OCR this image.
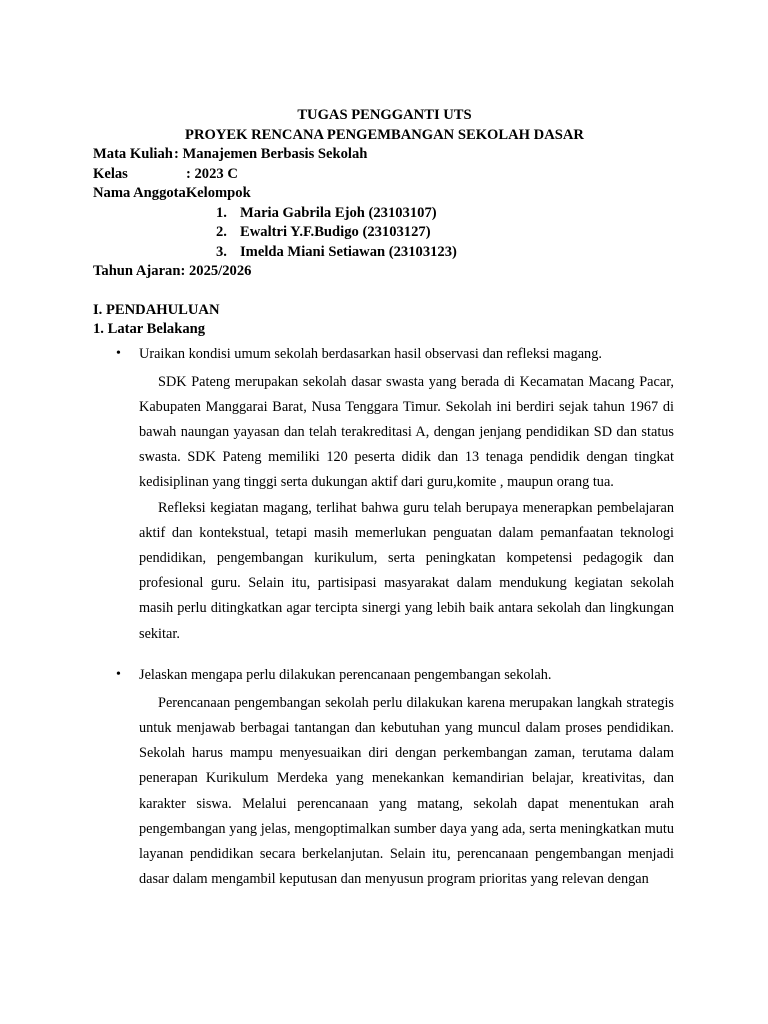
TUGAS PENGGANTI UTS
PROYEK RENCANA PENGEMBANGAN SEKOLAH DASAR
Mata Kuliah : Manajemen Berbasis Sekolah
Kelas	: 2023 C
Nama AnggotaKelompok
1. Maria Gabrila Ejoh (23103107)
2. Ewaltri Y.F.Budigo (23103127)
3. Imelda Miani Setiawan (23103123)
Tahun Ajaran: 2025/2026
I. PENDAHULUAN
1. Latar Belakang
• Uraikan kondisi umum sekolah berdasarkan hasil observasi dan refleksi magang.

SDK Pateng merupakan sekolah dasar swasta yang berada di Kecamatan Macang Pacar, Kabupaten Manggarai Barat, Nusa Tenggara Timur. Sekolah ini berdiri sejak tahun 1967 di bawah naungan yayasan dan telah terakreditasi A, dengan jenjang pendidikan SD dan status swasta. SDK Pateng memiliki 120 peserta didik dan 13 tenaga pendidik dengan tingkat kedisiplinan yang tinggi serta dukungan aktif dari guru,komite , maupun orang tua.

Refleksi kegiatan magang, terlihat bahwa guru telah berupaya menerapkan pembelajaran aktif dan kontekstual, tetapi masih memerlukan penguatan dalam pemanfaatan teknologi pendidikan, pengembangan kurikulum, serta peningkatan kompetensi pedagogik dan profesional guru. Selain itu, partisipasi masyarakat dalam mendukung kegiatan sekolah masih perlu ditingkatkan agar tercipta sinergi yang lebih baik antara sekolah dan lingkungan sekitar.

• Jelaskan mengapa perlu dilakukan perencanaan pengembangan sekolah.

Perencanaan pengembangan sekolah perlu dilakukan karena merupakan langkah strategis untuk menjawab berbagai tantangan dan kebutuhan yang muncul dalam proses pendidikan. Sekolah harus mampu menyesuaikan diri dengan perkembangan zaman, terutama dalam penerapan Kurikulum Merdeka yang menekankan kemandirian belajar, kreativitas, dan karakter siswa. Melalui perencanaan yang matang, sekolah dapat menentukan arah pengembangan yang jelas, mengoptimalkan sumber daya yang ada, serta meningkatkan mutu layanan pendidikan secara berkelanjutan. Selain itu, perencanaan pengembangan menjadi dasar dalam mengambil keputusan dan menyusun program prioritas yang relevan dengan
